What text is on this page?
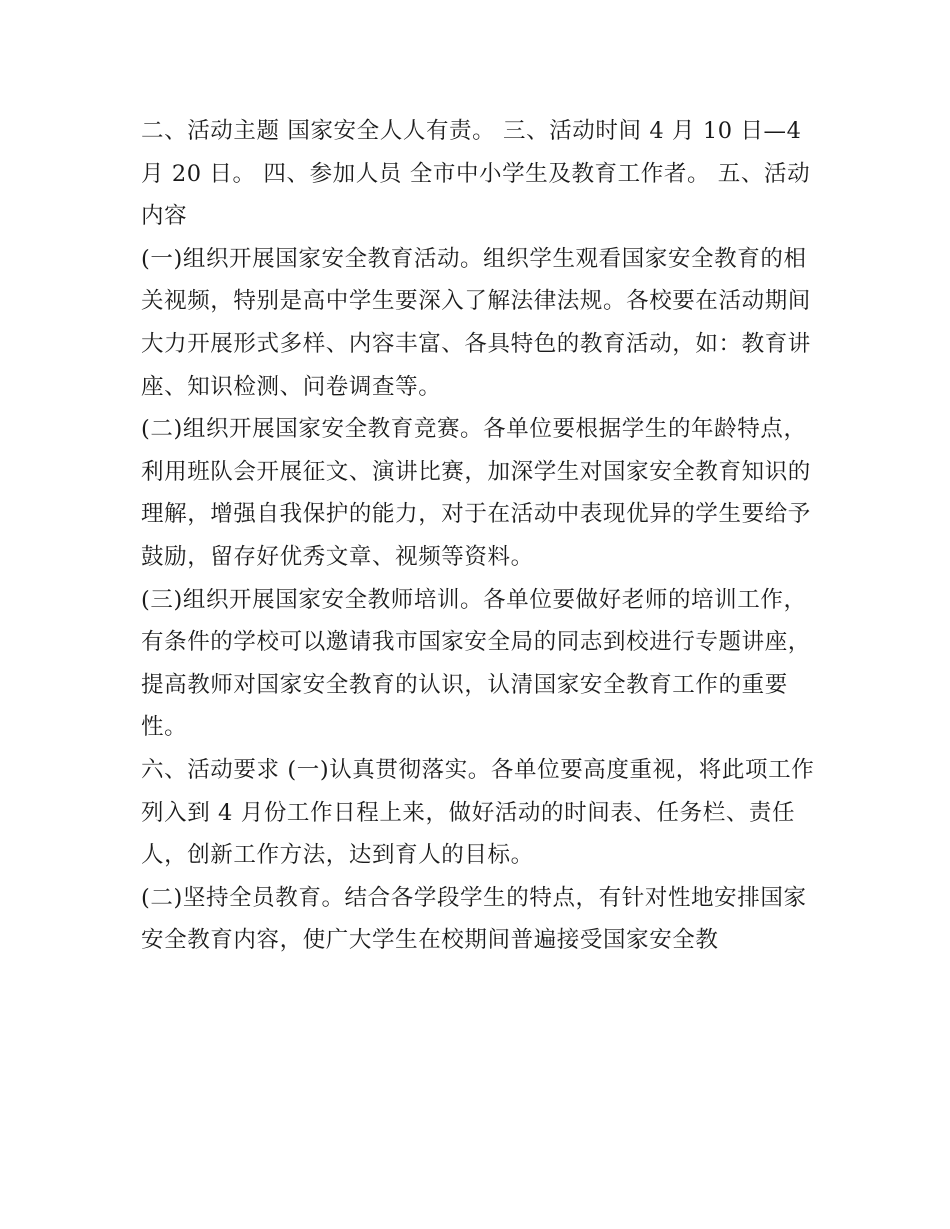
二、活动主题 国家安全人人有责。 三、活动时间 4 月 10 日—4 月 20 日。 四、参加人员 全市中小学生及教育工作者。 五、活动内容

(一)组织开展国家安全教育活动。组织学生观看国家安全教育的相关视频，特别是高中学生要深入了解法律法规。各校要在活动期间大力开展形式多样、内容丰富、各具特色的教育活动，如：教育讲座、知识检测、问卷调查等。

(二)组织开展国家安全教育竞赛。各单位要根据学生的年龄特点，利用班队会开展征文、演讲比赛，加深学生对国家安全教育知识的理解，增强自我保护的能力，对于在活动中表现优异的学生要给予鼓励，留存好优秀文章、视频等资料。

(三)组织开展国家安全教师培训。各单位要做好老师的培训工作，有条件的学校可以邀请我市国家安全局的同志到校进行专题讲座，提高教师对国家安全教育的认识，认清国家安全教育工作的重要性。

六、活动要求 (一)认真贯彻落实。各单位要高度重视，将此项工作列入到 4 月份工作日程上来，做好活动的时间表、任务栏、责任人，创新工作方法，达到育人的目标。

(二)坚持全员教育。结合各学段学生的特点，有针对性地安排国家安全教育内容，使广大学生在校期间普遍接受国家安全教
